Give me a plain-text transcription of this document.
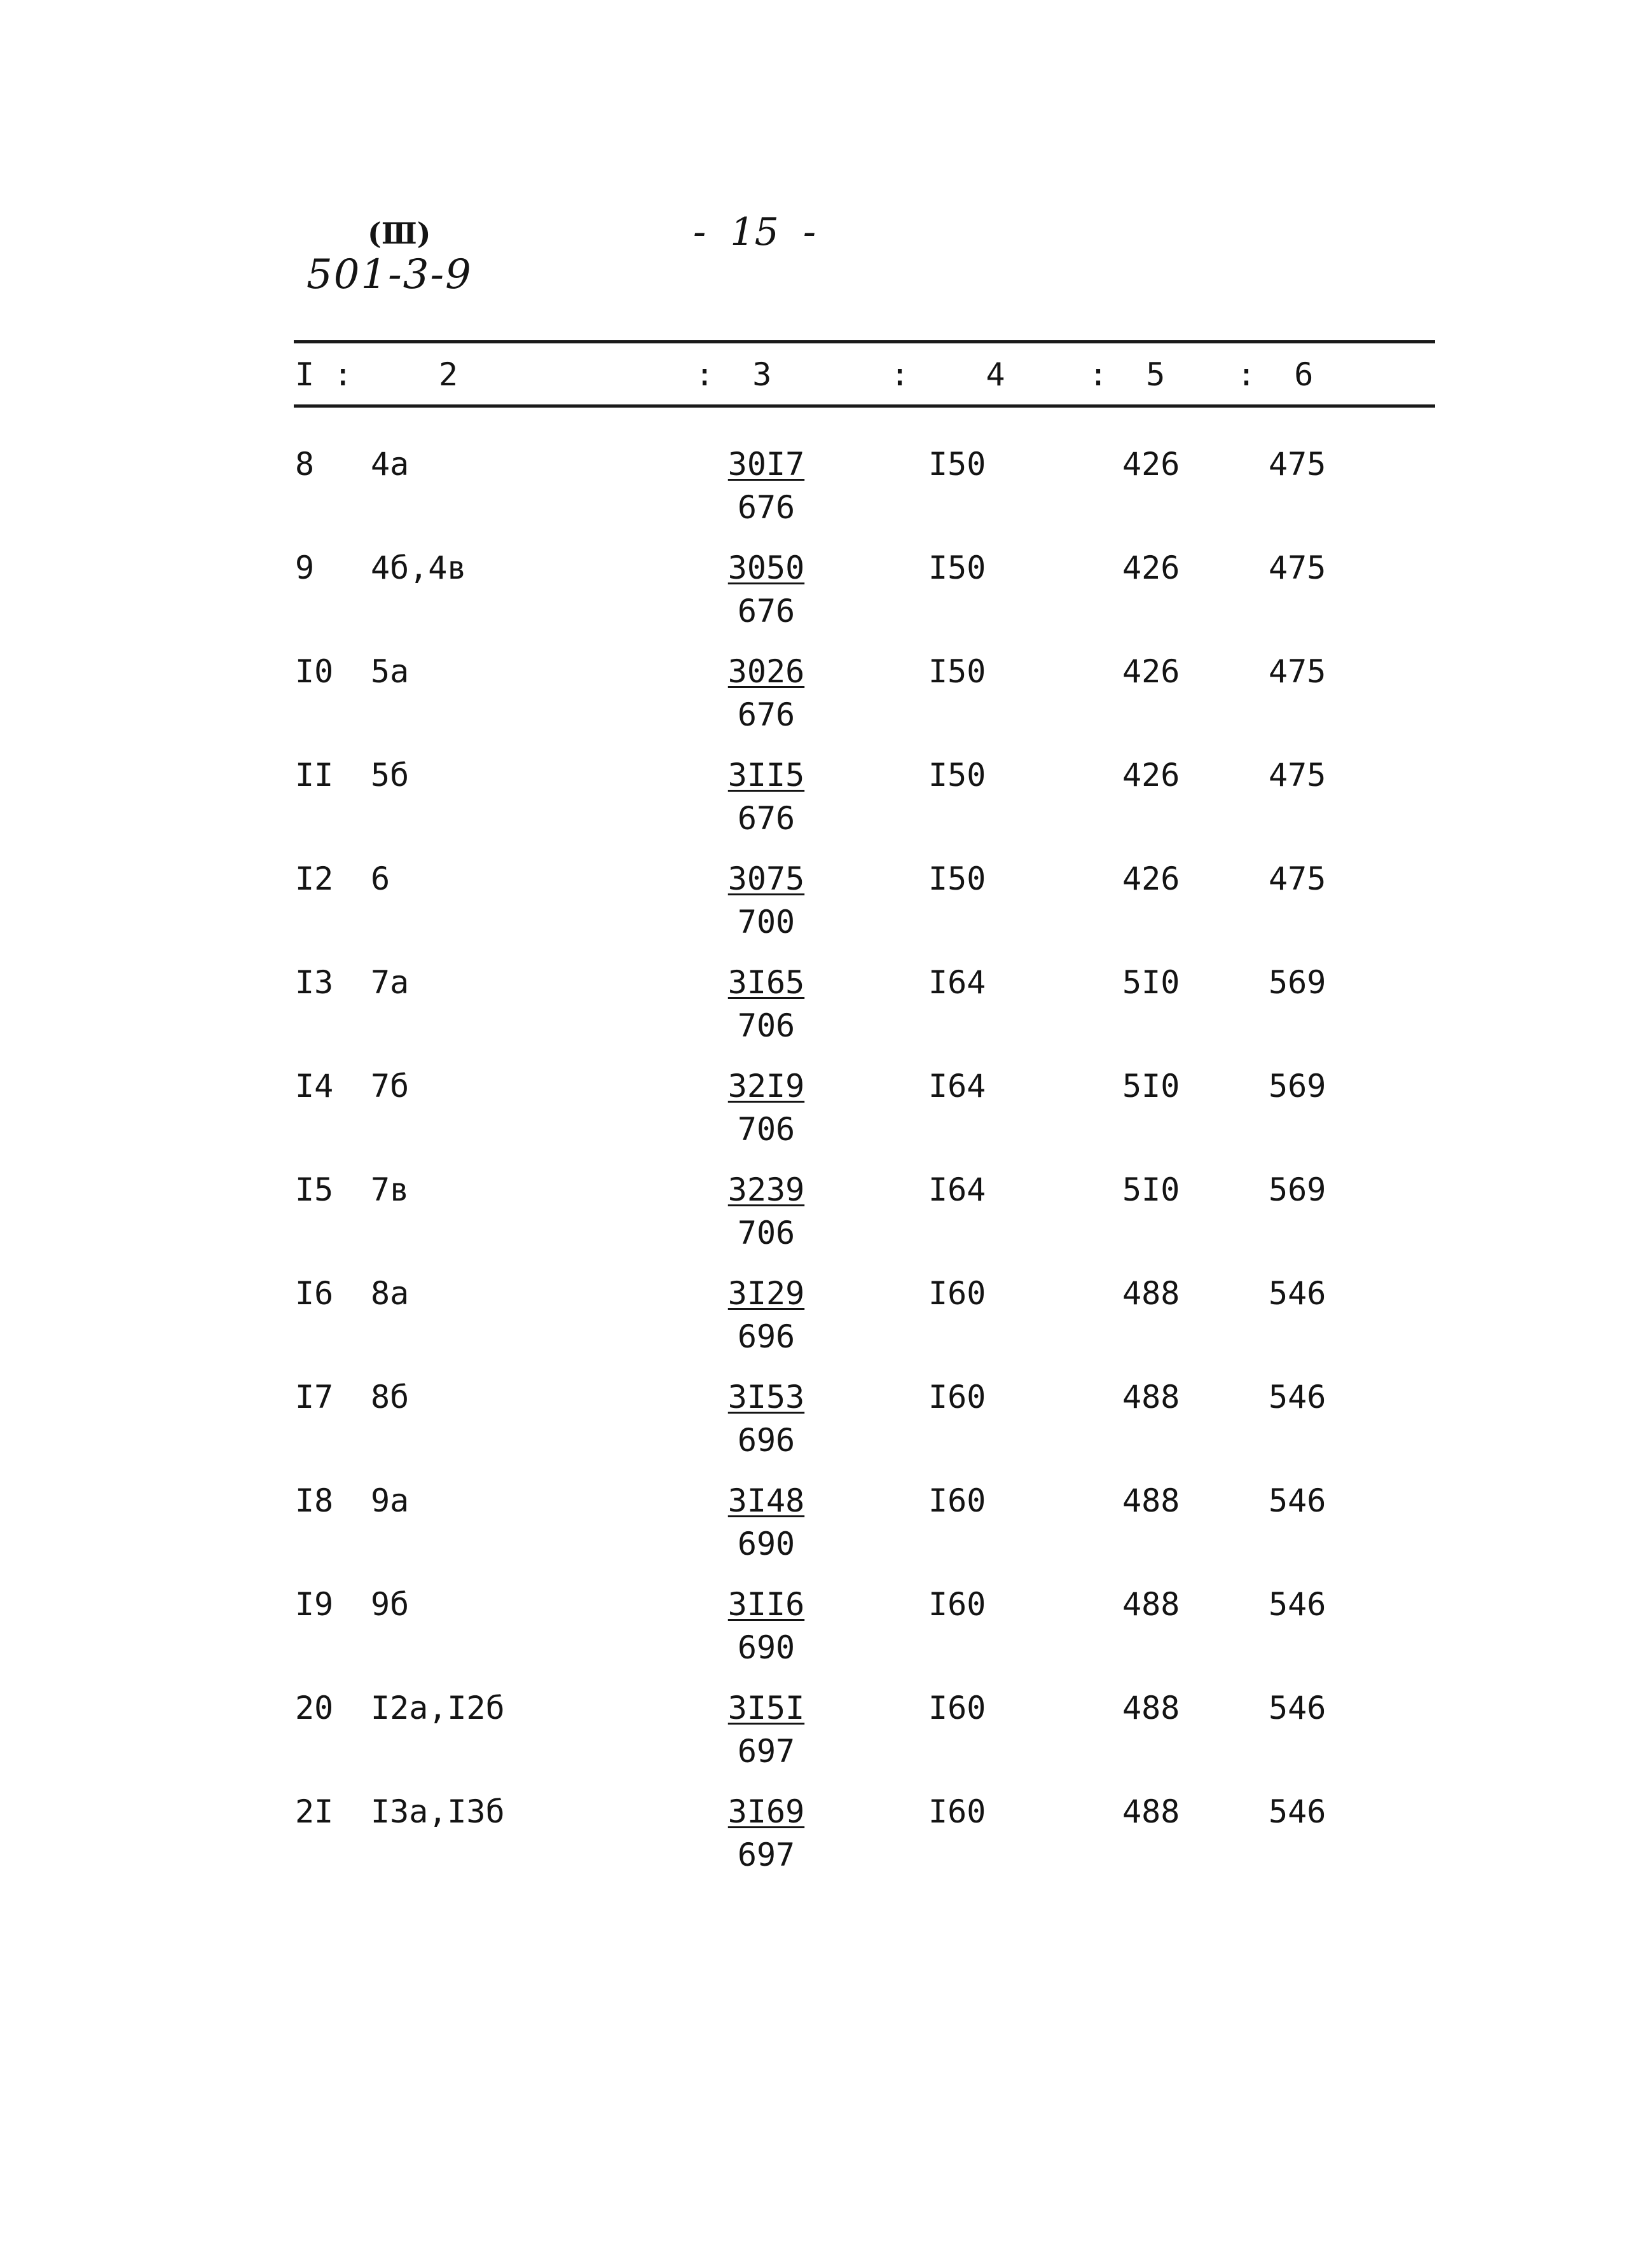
(Ⅲ)
501-3-9
-  15  -
I :	2	:  3	:    4	:  5 :  6
8 4a	$\frac{30I7}{676}$	I50	426	475
9 4б,4в	$\frac{3050}{676}$	I50	426	475
I0 5a	$\frac{3026}{676}$	I50	426	475
II 5б	$\frac{3II5}{676}$	I50	426	475
I2 6	$\frac{3075}{700}$	I50	426	475
I3 7a	$\frac{3I65}{706}$	I64	5I0	569
I4 7б	$\frac{32I9}{706}$	I64	5I0	569
I5 7в	$\frac{3239}{706}$	I64	5I0	569
I6 8a	$\frac{3I29}{696}$	I60	488	546
I7 8б	$\frac{3I53}{696}$	I60	488	546
I8 9a	$\frac{3I48}{690}$	I60	488	546
I9 9б	$\frac{3II6}{690}$	I60	488	546
20 I2a,I2б	$\frac{3I5I}{697}$	I60	488	546
2I I3a,I3б	$\frac{3I69}{697}$	I60	488	546
